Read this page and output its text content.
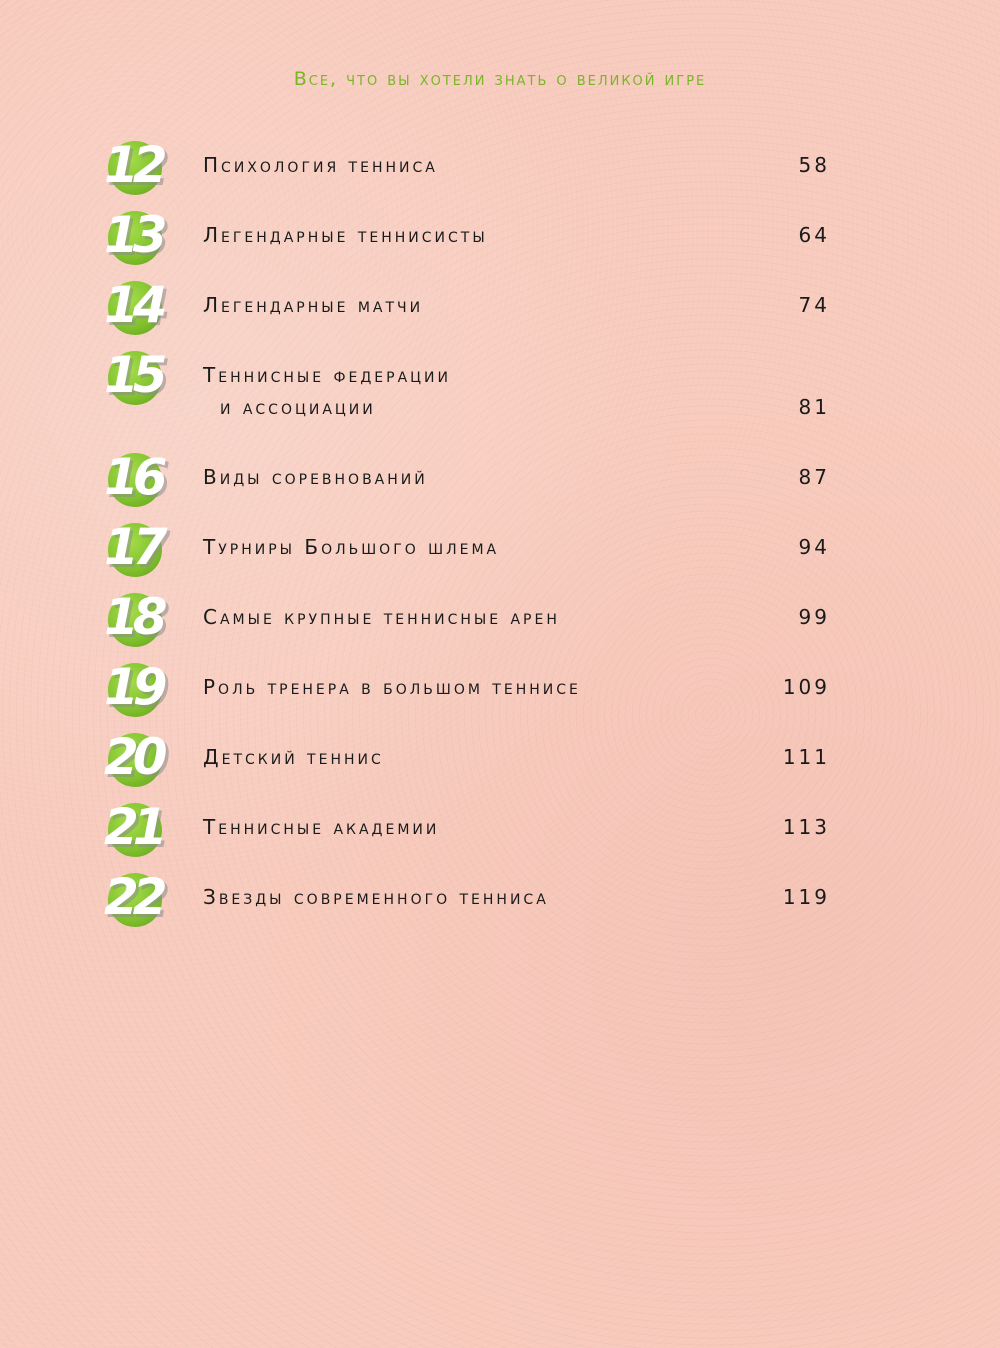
Все, что вы хотели знать о великой игре
12	Психология тенниса	58
13	Легендарные теннисисты	64
14	Легендарные матчи	74
15	Теннисные федерации
и ассоциации	81
16	Виды соревнований	87
17	Турниры Большого шлема	94
18	Самые крупные теннисные арен	99
19	Роль тренера в большом теннисе	109
20	Детский теннис	111
21	Теннисные академии	113
22	Звезды современного тенниса	119
